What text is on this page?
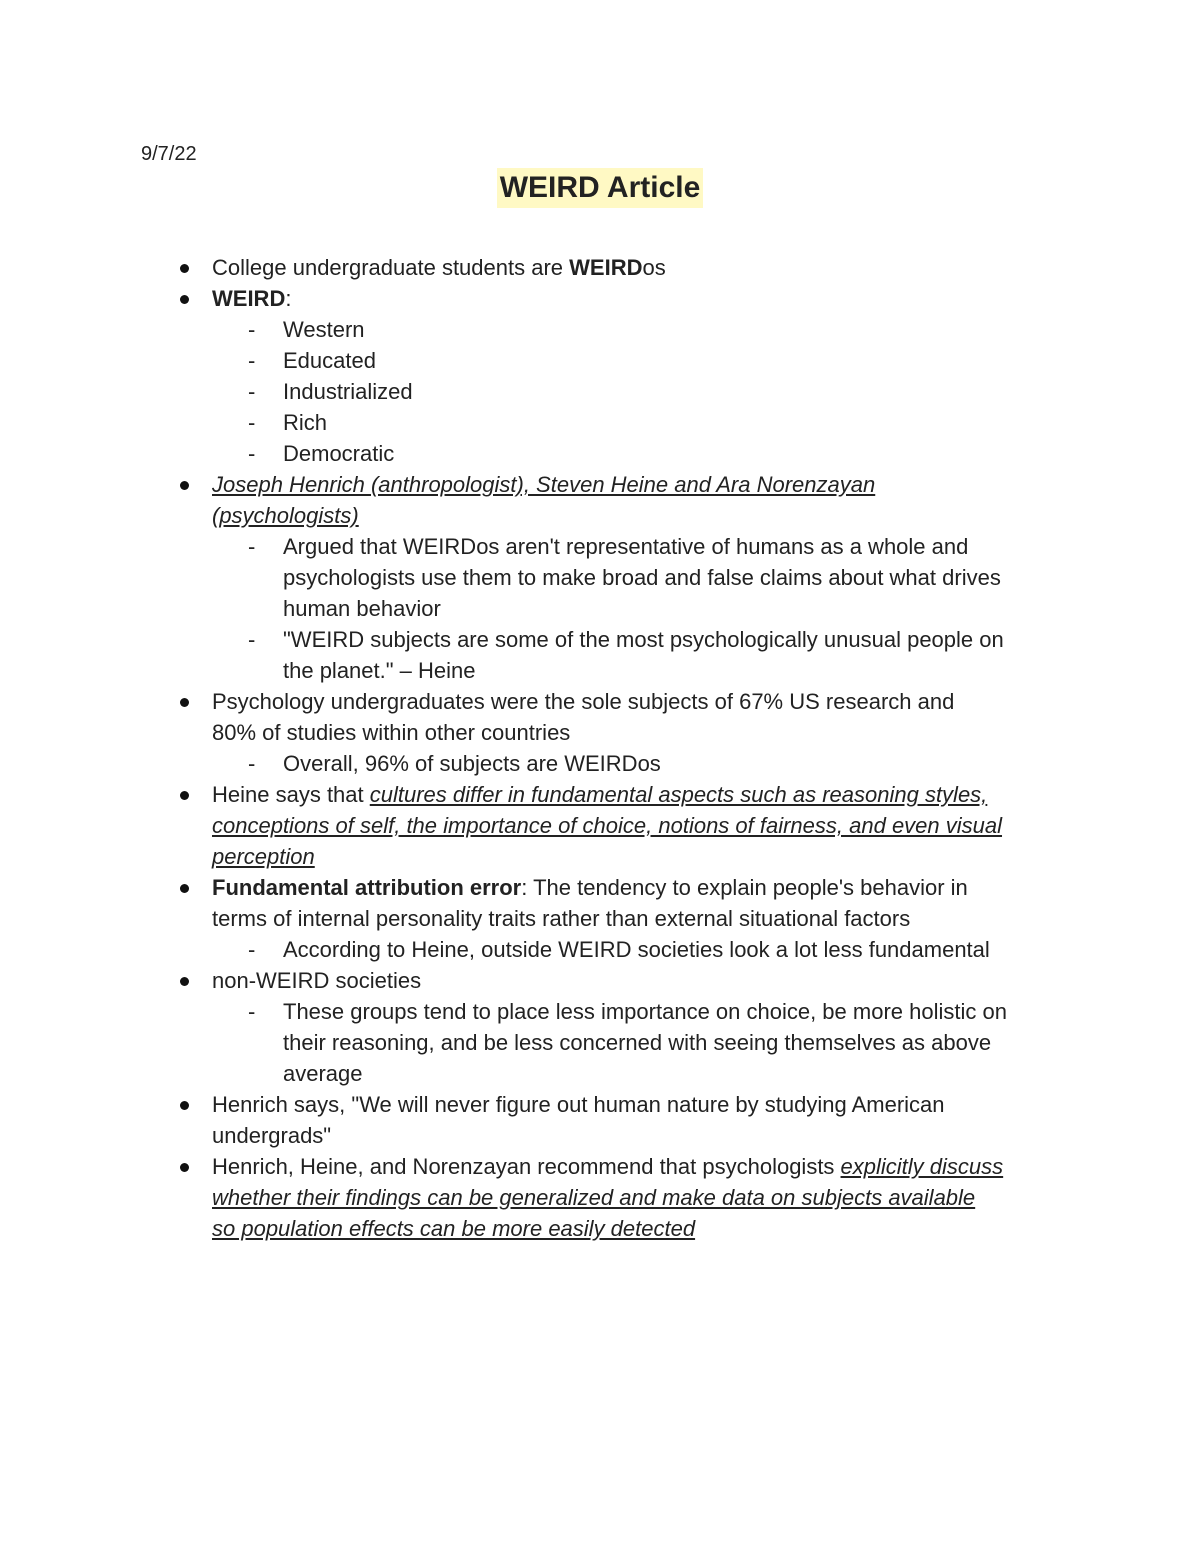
9/7/22
WEIRD Article
College undergraduate students are WEIRDos
WEIRD:
- Western
- Educated
- Industrialized
- Rich
- Democratic
Joseph Henrich (anthropologist), Steven Heine and Ara Norenzayan
(psychologists)
- Argued that WEIRDos aren't representative of humans as a whole and
psychologists use them to make broad and false claims about what drives
human behavior
- "WEIRD subjects are some of the most psychologically unusual people on
the planet." – Heine
Psychology undergraduates were the sole subjects of 67% US research and
80% of studies within other countries
- Overall, 96% of subjects are WEIRDos
Heine says that cultures differ in fundamental aspects such as reasoning styles,
conceptions of self, the importance of choice, notions of fairness, and even visual
perception
Fundamental attribution error: The tendency to explain people's behavior in
terms of internal personality traits rather than external situational factors
- According to Heine, outside WEIRD societies look a lot less fundamental
non-WEIRD societies
- These groups tend to place less importance on choice, be more holistic on
their reasoning, and be less concerned with seeing themselves as above
average
Henrich says, "We will never figure out human nature by studying American
undergrads"
Henrich, Heine, and Norenzayan recommend that psychologists explicitly discuss
whether their findings can be generalized and make data on subjects available
so population effects can be more easily detected
